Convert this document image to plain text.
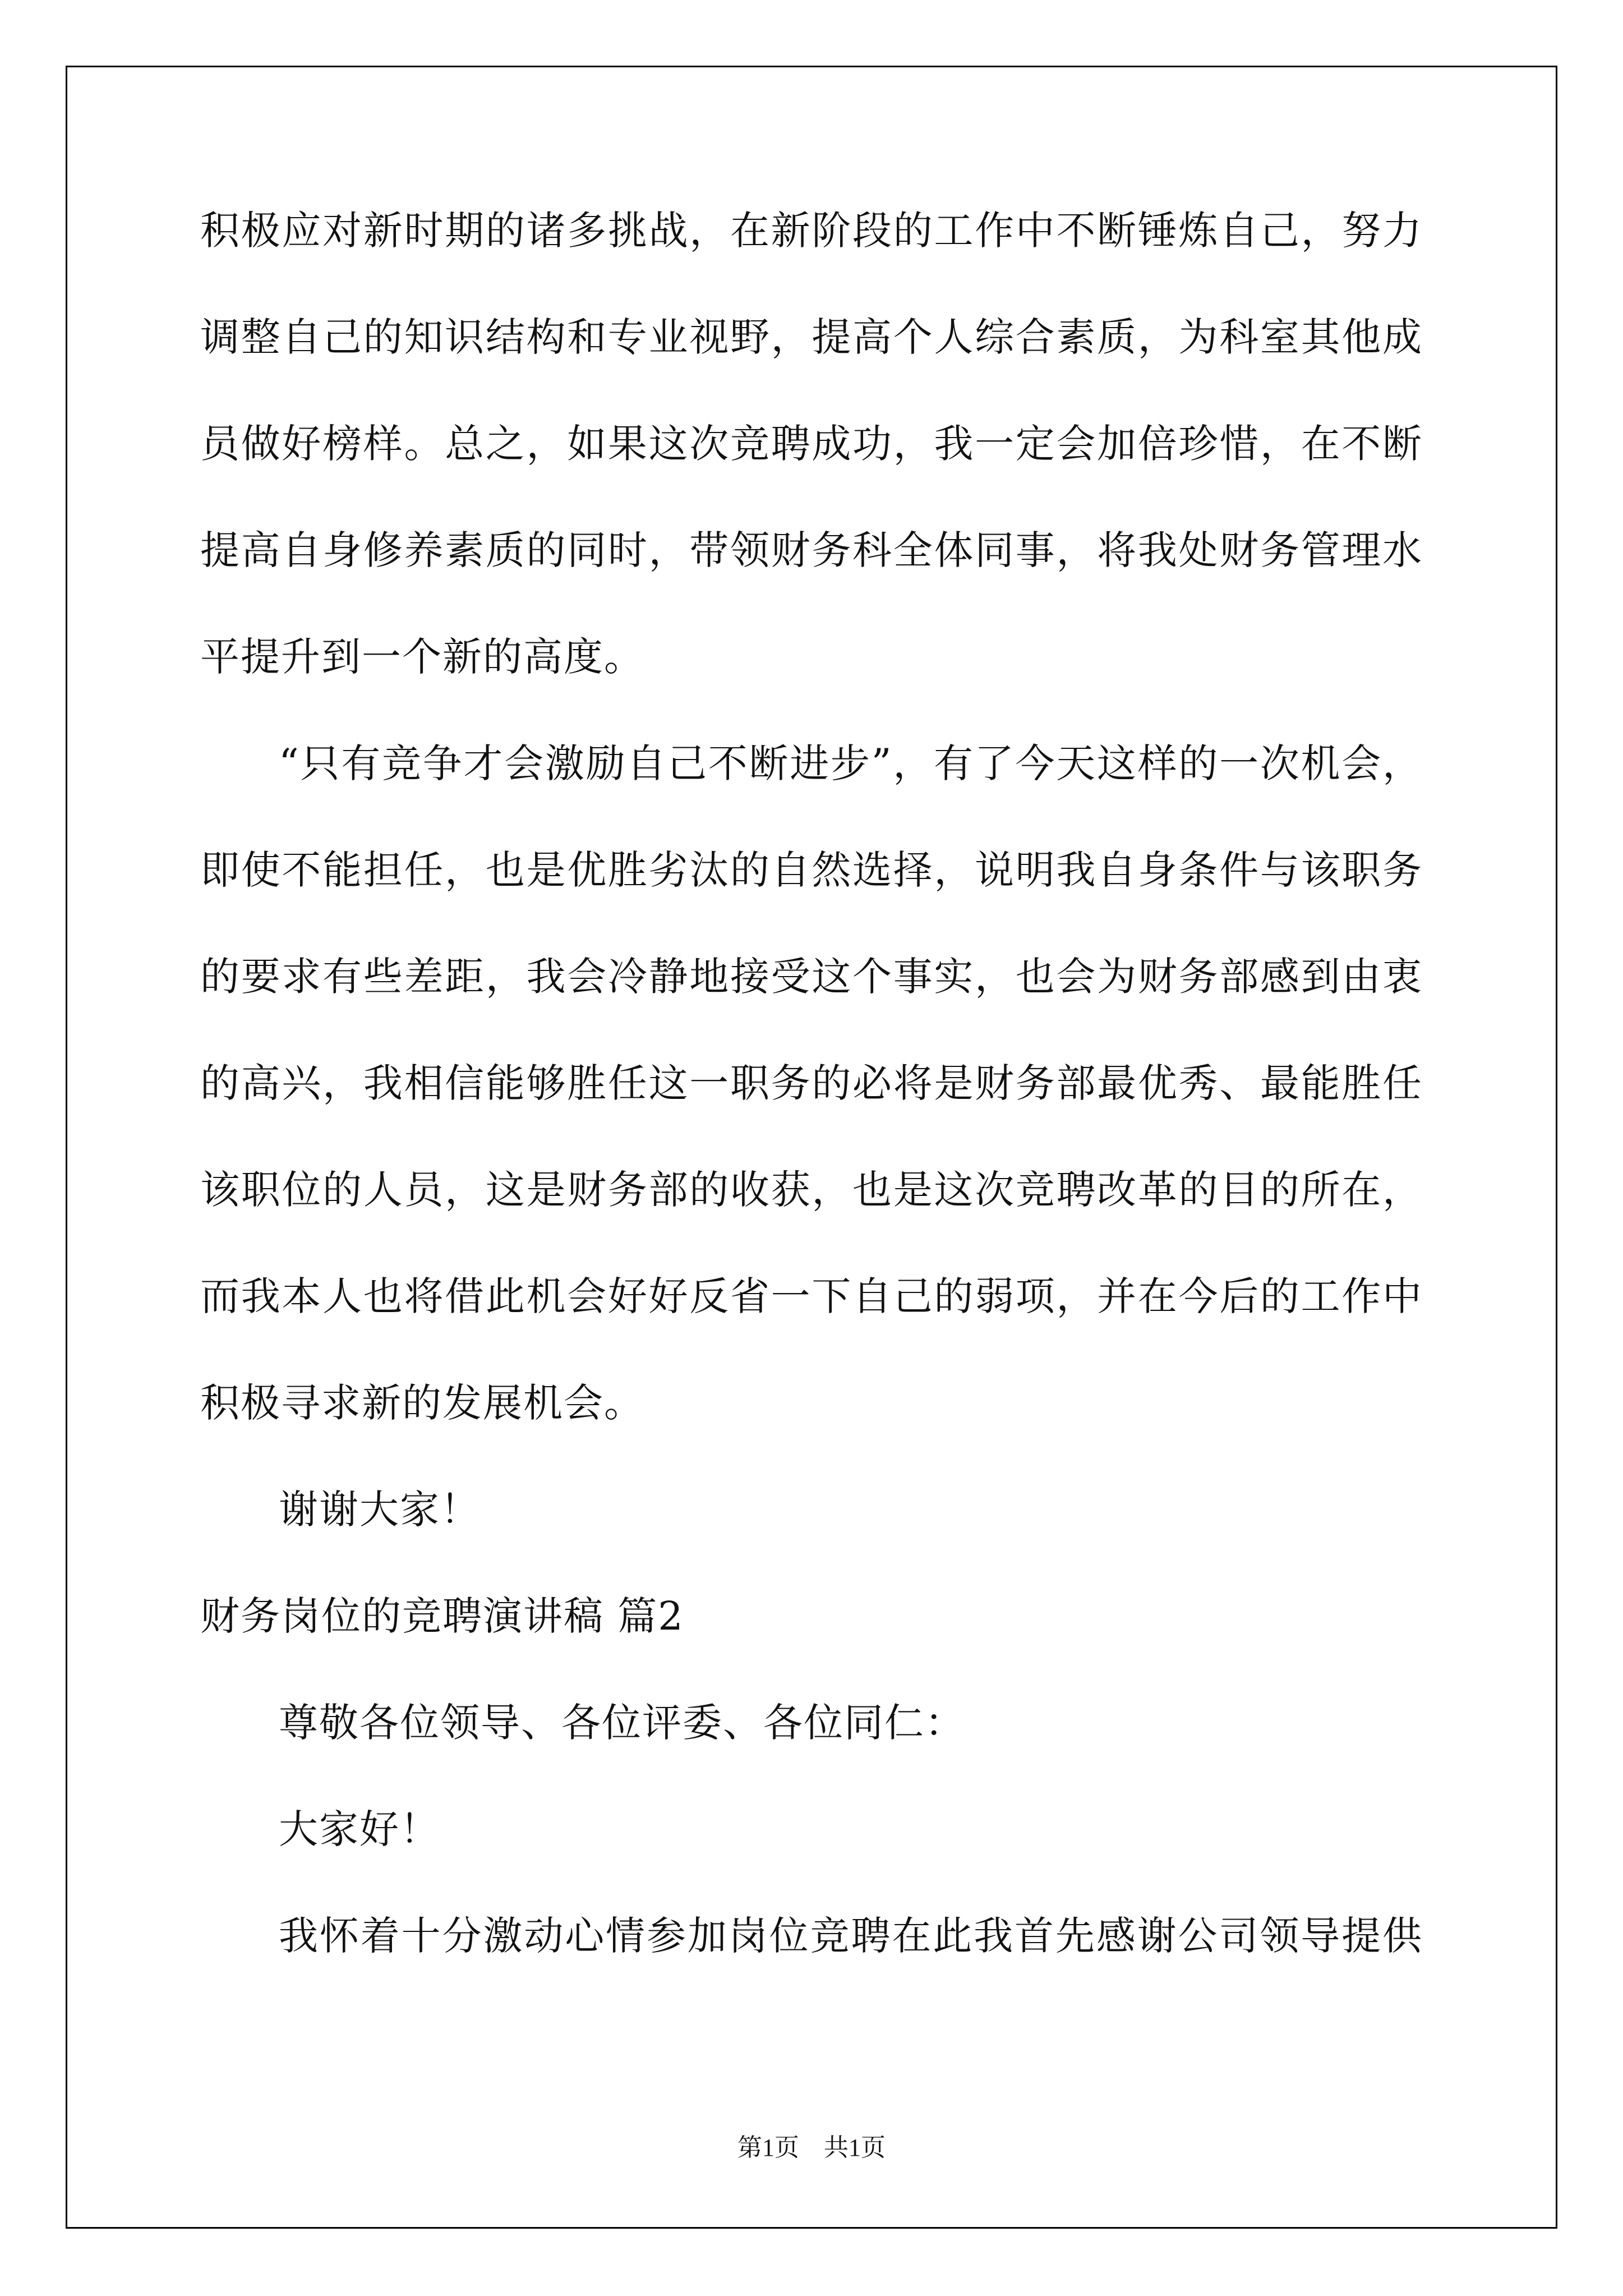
积极应对新时期的诸多挑战，在新阶段的工作中不断锤炼自己，努力
调整自己的知识结构和专业视野，提高个人综合素质，为科室其他成
员做好榜样。总之，如果这次竞聘成功，我一定会加倍珍惜，在不断
提高自身修养素质的同时，带领财务科全体同事，将我处财务管理水
平提升到一个新的高度。
“只有竞争才会激励自己不断进步”，有了今天这样的一次机会，
即使不能担任，也是优胜劣汰的自然选择，说明我自身条件与该职务
的要求有些差距，我会冷静地接受这个事实，也会为财务部感到由衷
的高兴，我相信能够胜任这一职务的必将是财务部最优秀、最能胜任
该职位的人员，这是财务部的收获，也是这次竞聘改革的目的所在，
而我本人也将借此机会好好反省一下自己的弱项，并在今后的工作中
积极寻求新的发展机会。
谢谢大家！
财务岗位的竞聘演讲稿 篇2
尊敬各位领导、各位评委、各位同仁：
大家好！
我怀着十分激动心情参加岗位竞聘在此我首先感谢公司领导提供
第1页　共1页
